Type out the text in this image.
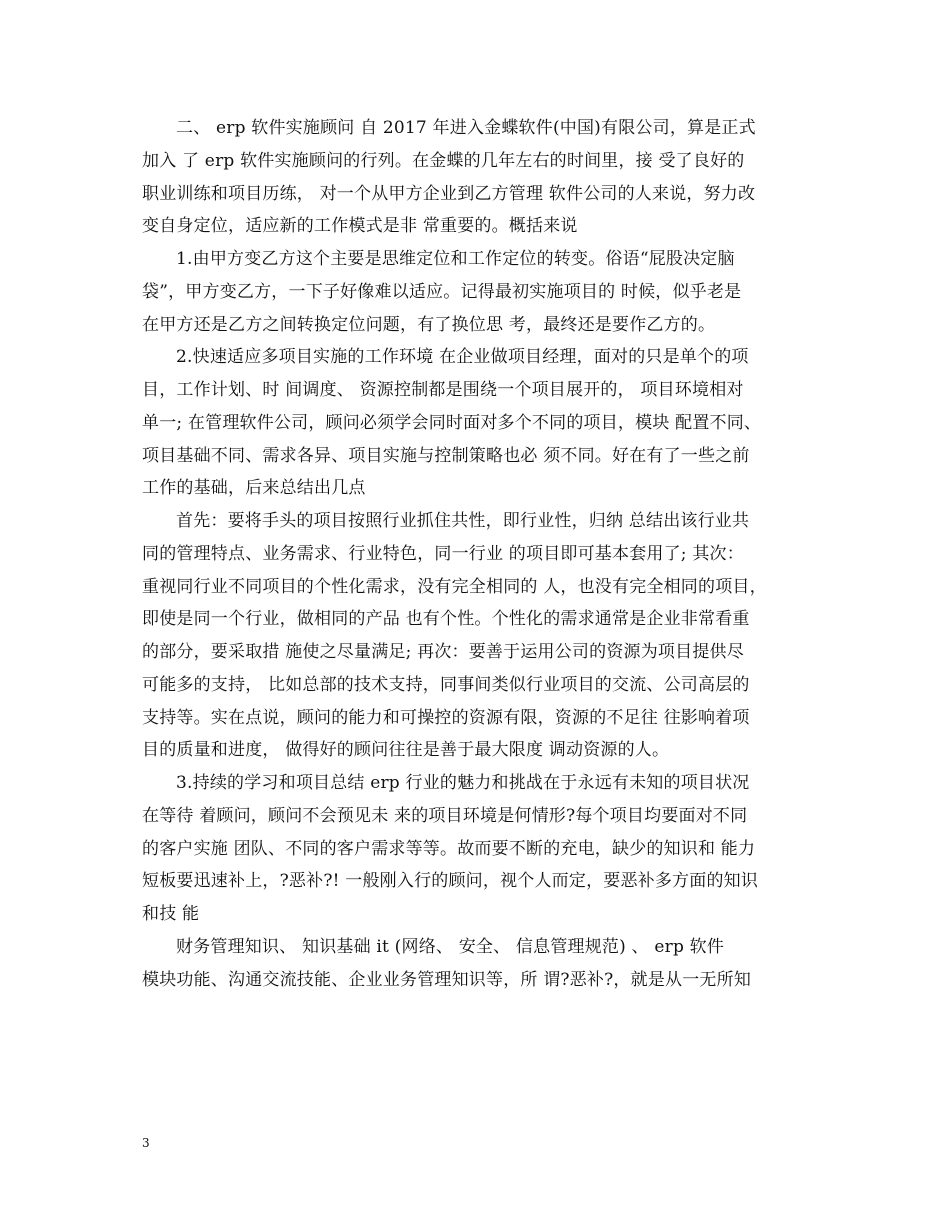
二、 erp 软件实施顾问 自 2017 年进入金蝶软件(中国)有限公司，算是正式
加入 了 erp 软件实施顾问的行列。在金蝶的几年左右的时间里，接 受了良好的
职业训练和项目历练， 对一个从甲方企业到乙方管理 软件公司的人来说，努力改
变自身定位，适应新的工作模式是非 常重要的。概括来说
1.由甲方变乙方这个主要是思维定位和工作定位的转变。俗语“屁股决定脑
袋”，甲方变乙方，一下子好像难以适应。记得最初实施项目的 时候，似乎老是
在甲方还是乙方之间转换定位问题，有了换位思 考，最终还是要作乙方的。
2.快速适应多项目实施的工作环境 在企业做项目经理，面对的只是单个的项
目，工作计划、时 间调度、 资源控制都是围绕一个项目展开的， 项目环境相对
单一; 在管理软件公司，顾问必须学会同时面对多个不同的项目，模块 配置不同、
项目基础不同、需求各异、项目实施与控制策略也必 须不同。好在有了一些之前
工作的基础，后来总结出几点
首先：要将手头的项目按照行业抓住共性，即行业性，归纳 总结出该行业共
同的管理特点、业务需求、行业特色，同一行业 的项目即可基本套用了; 其次：
重视同行业不同项目的个性化需求，没有完全相同的 人，也没有完全相同的项目，
即使是同一个行业，做相同的产品 也有个性。个性化的需求通常是企业非常看重
的部分，要采取措 施使之尽量满足; 再次：要善于运用公司的资源为项目提供尽
可能多的支持， 比如总部的技术支持，同事间类似行业项目的交流、公司高层的
支持等。实在点说，顾问的能力和可操控的资源有限，资源的不足往 往影响着项
目的质量和进度， 做得好的顾问往往是善于最大限度 调动资源的人。
3.持续的学习和项目总结 erp 行业的魅力和挑战在于永远有未知的项目状况
在等待 着顾问，顾问不会预见未 来的项目环境是何情形?每个项目均要面对不同
的客户实施 团队、不同的客户需求等等。故而要不断的充电，缺少的知识和 能力
短板要迅速补上，?恶补?! 一般刚入行的顾问，视个人而定，要恶补多方面的知识
和技 能
财务管理知识、 知识基础 it (网络、 安全、 信息管理规范) 、 erp 软件
模块功能、沟通交流技能、企业业务管理知识等，所 谓?恶补?，就是从一无所知
3
